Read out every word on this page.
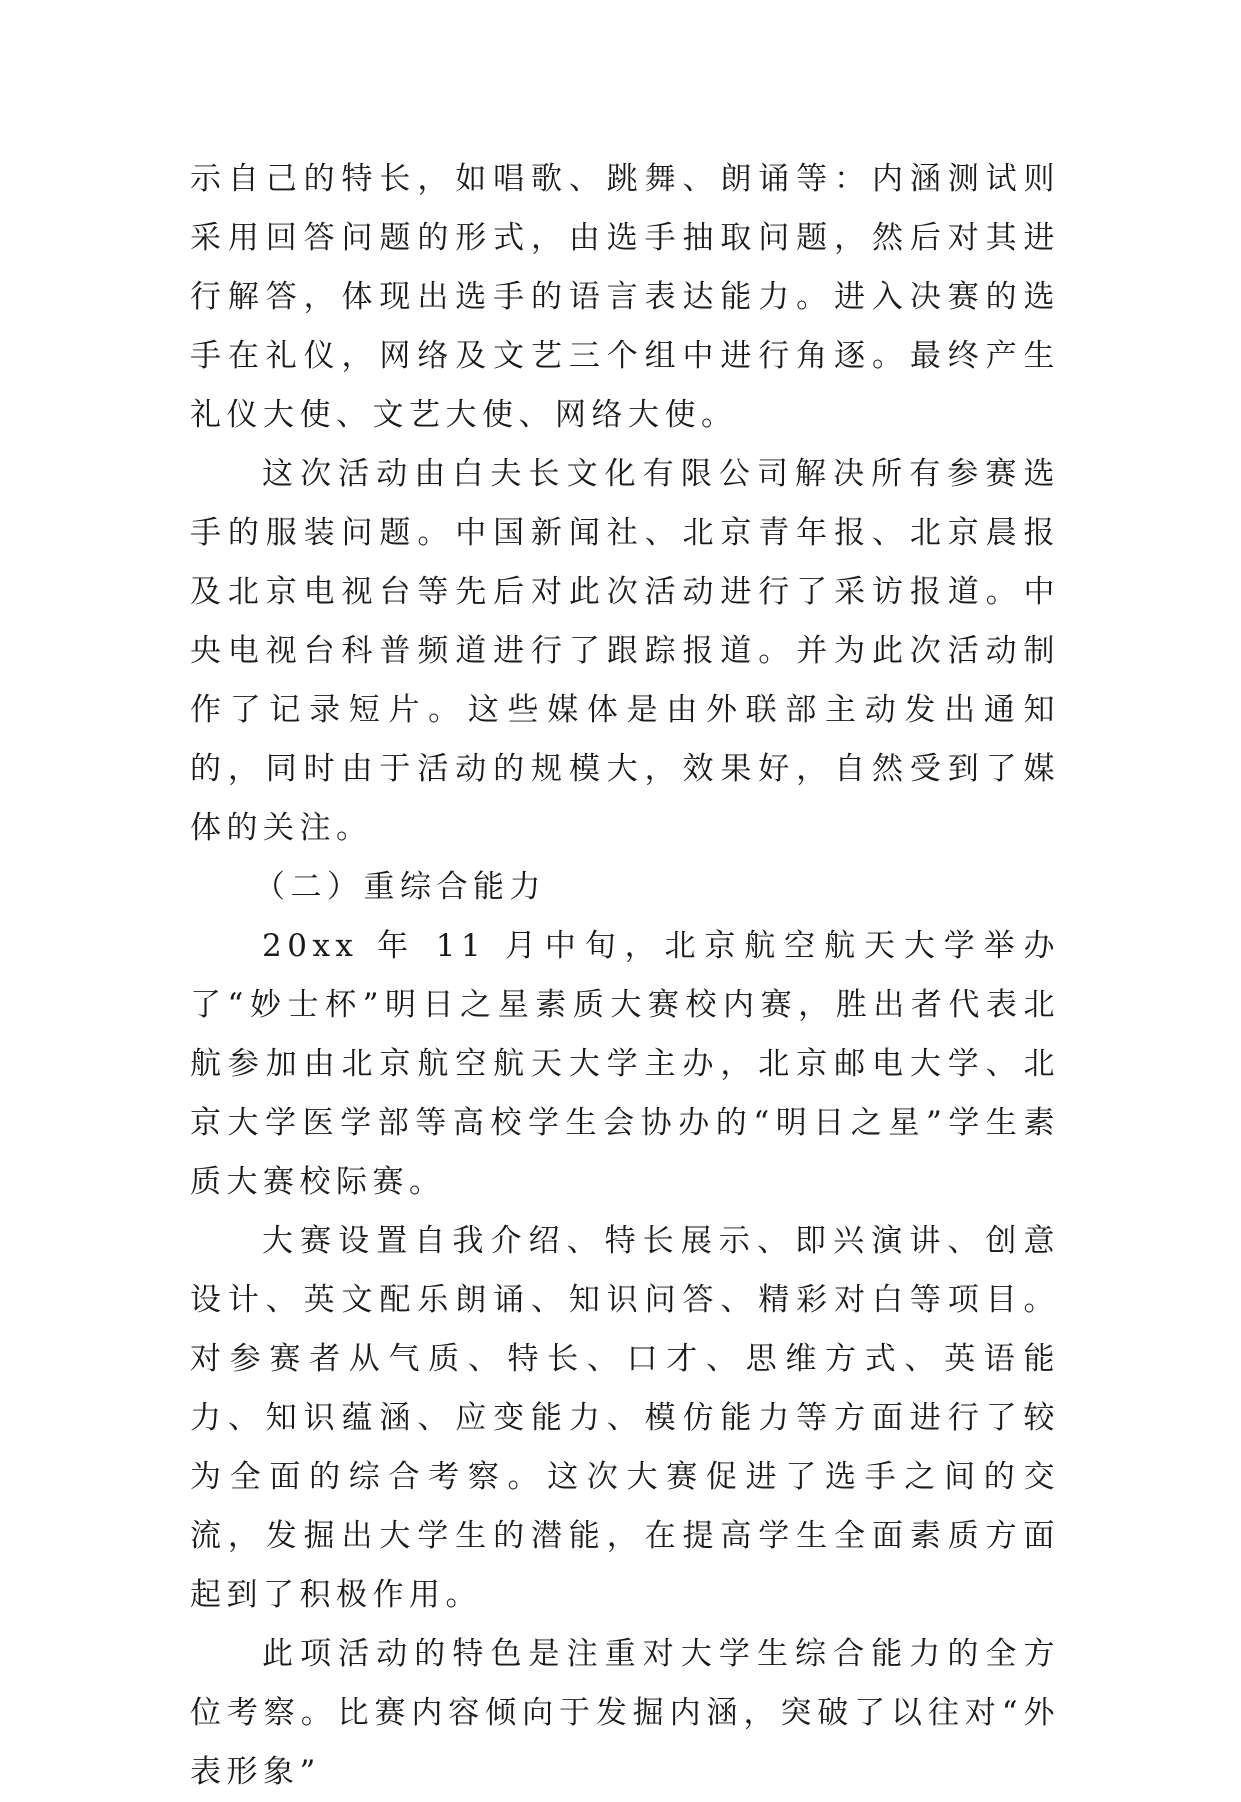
示自己的特长，如唱歌、跳舞、朗诵等：内涵测试则采用回答问题的形式，由选手抽取问题，然后对其进行解答，体现出选手的语言表达能力。进入决赛的选手在礼仪，网络及文艺三个组中进行角逐。最终产生礼仪大使、文艺大使、网络大使。

这次活动由白夫长文化有限公司解决所有参赛选手的服装问题。中国新闻社、北京青年报、北京晨报及北京电视台等先后对此次活动进行了采访报道。中央电视台科普频道进行了跟踪报道。并为此次活动制作了记录短片。这些媒体是由外联部主动发出通知的，同时由于活动的规模大，效果好，自然受到了媒体的关注。

（二）重综合能力

20xx 年 11 月中旬，北京航空航天大学举办了“妙士杯”明日之星素质大赛校内赛，胜出者代表北航参加由北京航空航天大学主办，北京邮电大学、北京大学医学部等高校学生会协办的“明日之星”学生素质大赛校际赛。

大赛设置自我介绍、特长展示、即兴演讲、创意设计、英文配乐朗诵、知识问答、精彩对白等项目。对参赛者从气质、特长、口才、思维方式、英语能力、知识蕴涵、应变能力、模仿能力等方面进行了较为全面的综合考察。这次大赛促进了选手之间的交流，发掘出大学生的潜能，在提高学生全面素质方面起到了积极作用。

此项活动的特色是注重对大学生综合能力的全方位考察。比赛内容倾向于发掘内涵，突破了以往对“外表形象”
